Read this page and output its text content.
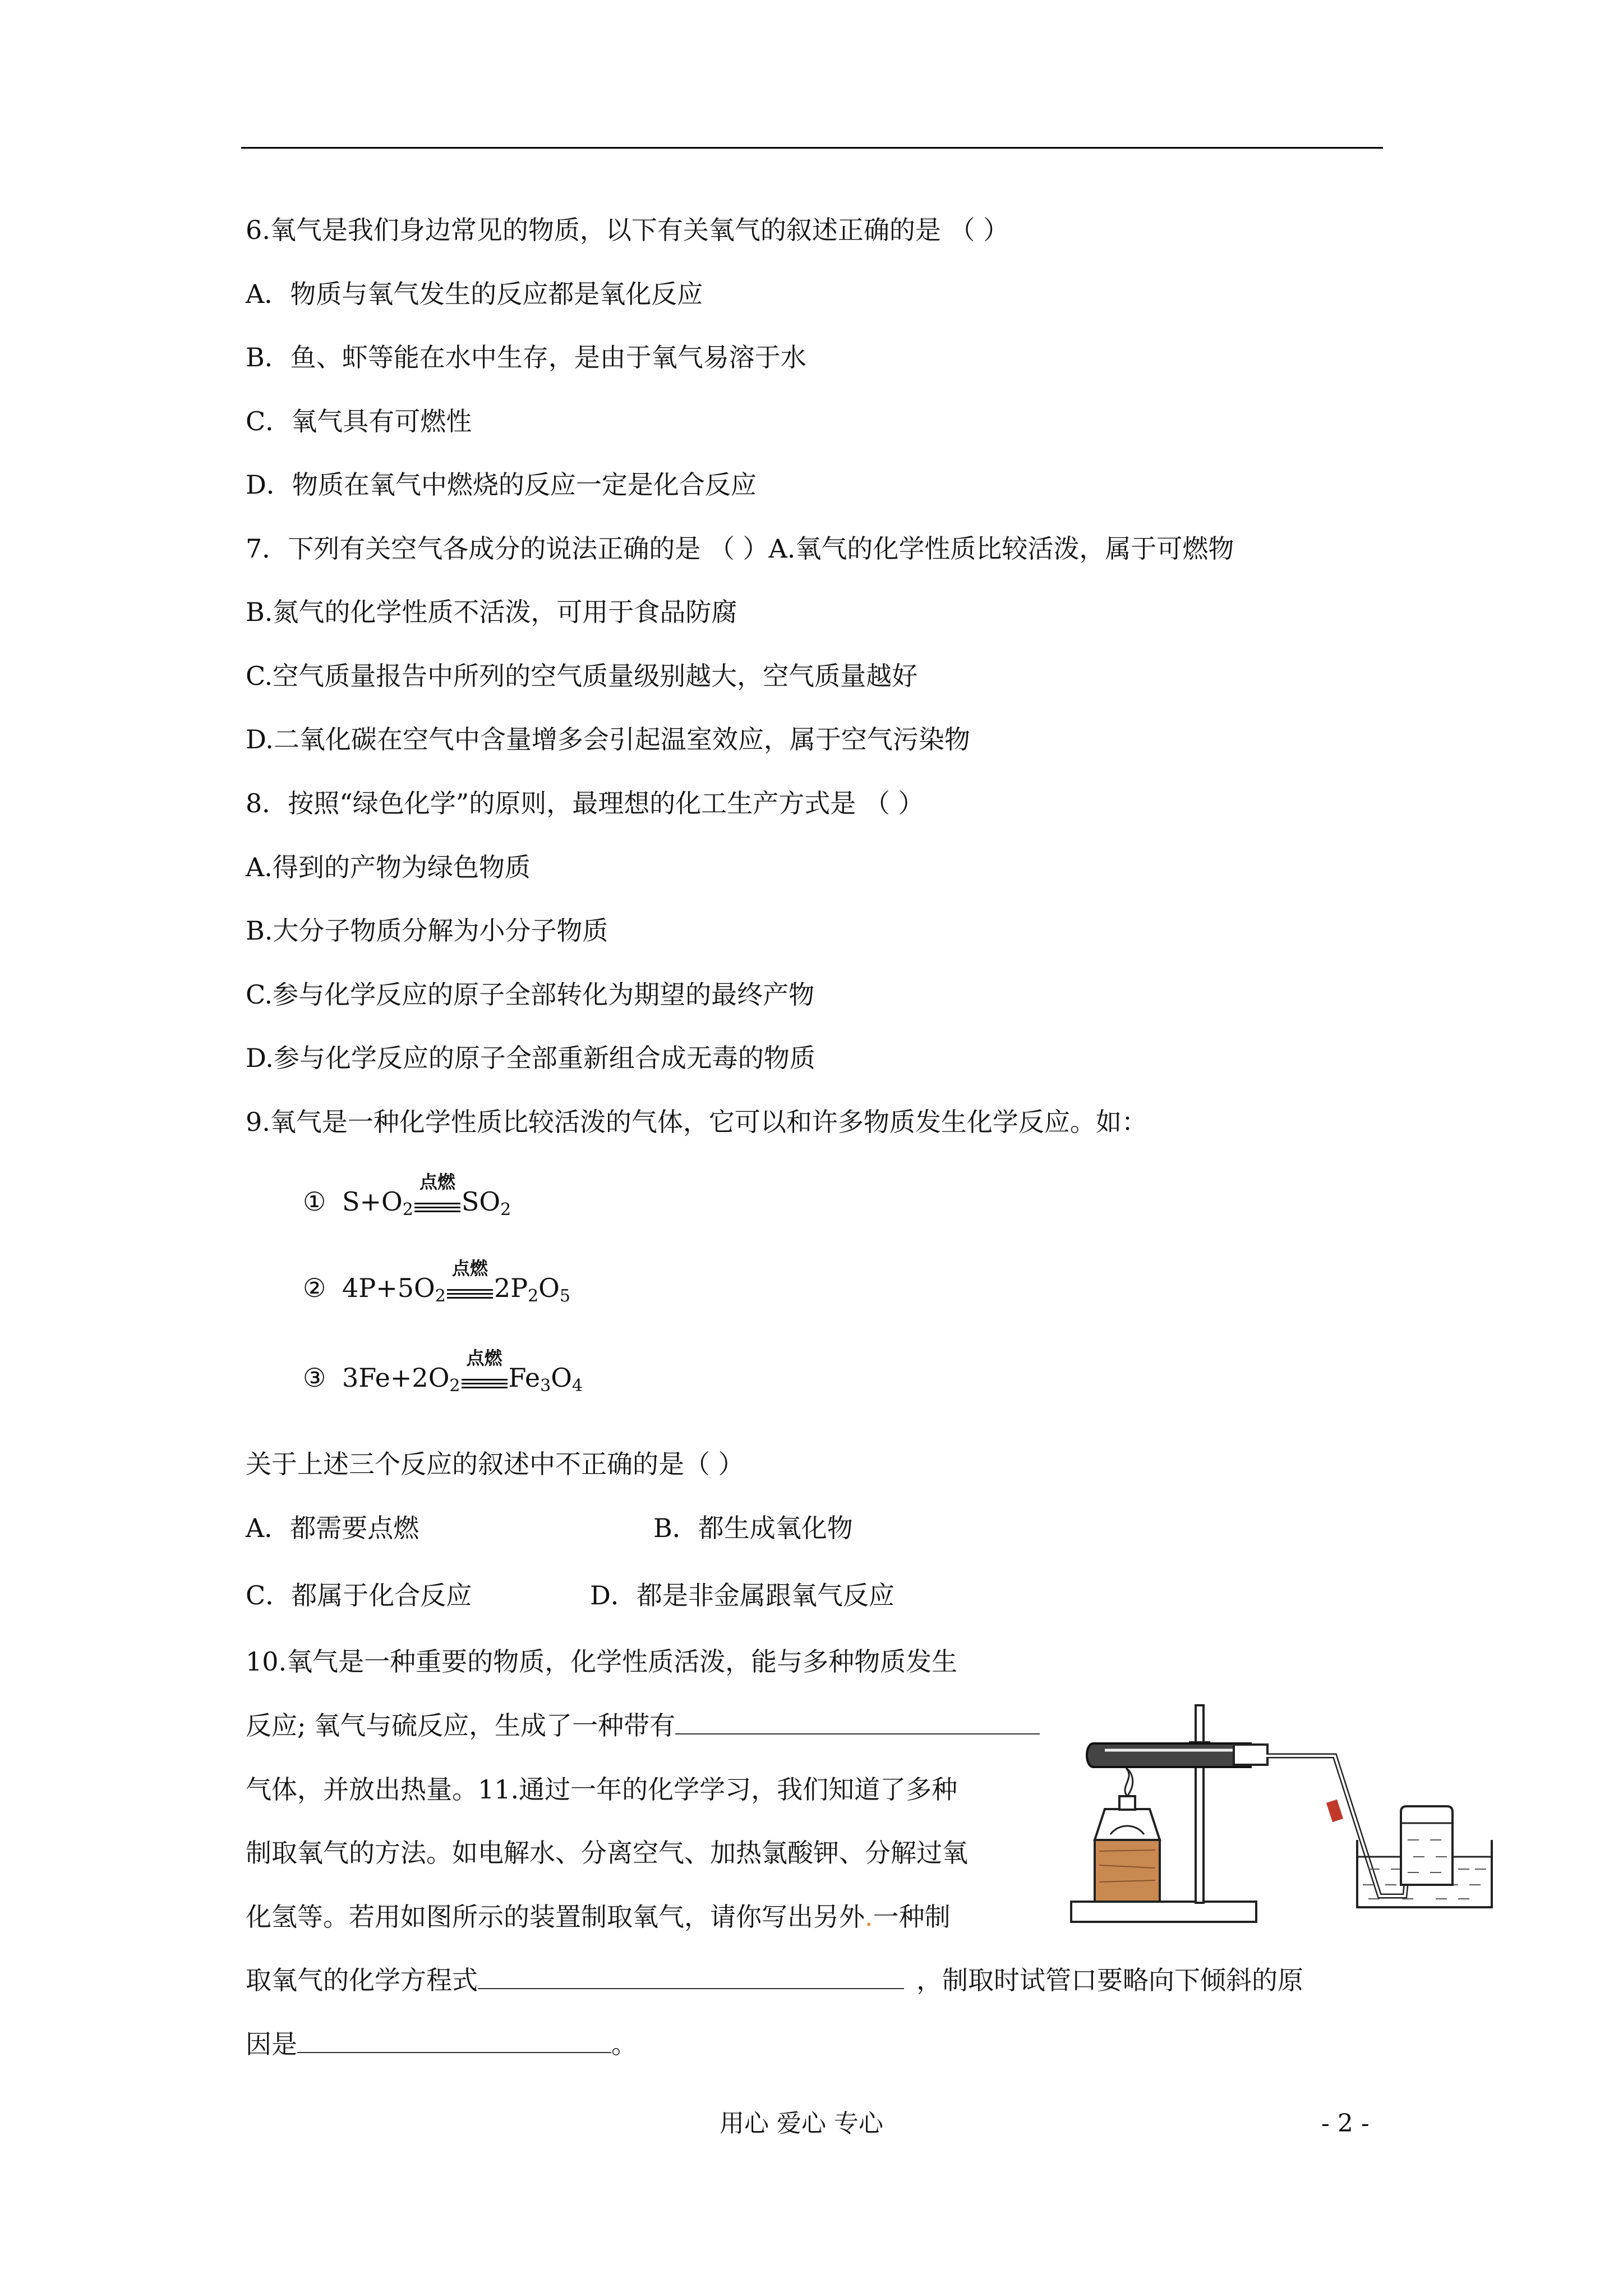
6.氧气是我们身边常见的物质，以下有关氧气的叙述正确的是 （ ）
A．物质与氧气发生的反应都是氧化反应
B．鱼、虾等能在水中生存，是由于氧气易溶于水
C．氧气具有可燃性
D．物质在氧气中燃烧的反应一定是化合反应
7．下列有关空气各成分的说法正确的是 （ ）A.氧气的化学性质比较活泼，属于可燃物
B.氮气的化学性质不活泼，可用于食品防腐
C.空气质量报告中所列的空气质量级别越大，空气质量越好
D.二氧化碳在空气中含量增多会引起温室效应，属于空气污染物
8．按照“绿色化学”的原则，最理想的化工生产方式是 （ ）
A.得到的产物为绿色物质
B.大分子物质分解为小分子物质
C.参与化学反应的原子全部转化为期望的最终产物
D.参与化学反应的原子全部重新组合成无毒的物质
9.氧气是一种化学性质比较活泼的气体，它可以和许多物质发生化学反应。如：
① $S+O_2$
点燃
$SO_2$
② $4P+5O_2$
点燃
$2P_2O_5$
③ $3Fe+2O_2$
点燃
$Fe_3O_4$
关于上述三个反应的叙述中不正确的是（ ）
A．都需要点燃	B．都生成氧化物
C．都属于化合反应	D．都是非金属跟氧气反应
10.氧气是一种重要的物质，化学性质活泼，能与多种物质发生
反应; 氧气与硫反应，生成了一种带有
气体，并放出热量。11.通过一年的化学学习，我们知道了多种
制取氧气的方法。如电解水、分离空气、加热氯酸钾、分解过氧
化氢等。若用如图所示的装置制取氧气，请你写出另外.一种制
取氧气的化学方程式	，制取时试管口要略向下倾斜的原
因是	。
用心 爱心 专心	- 2 -
